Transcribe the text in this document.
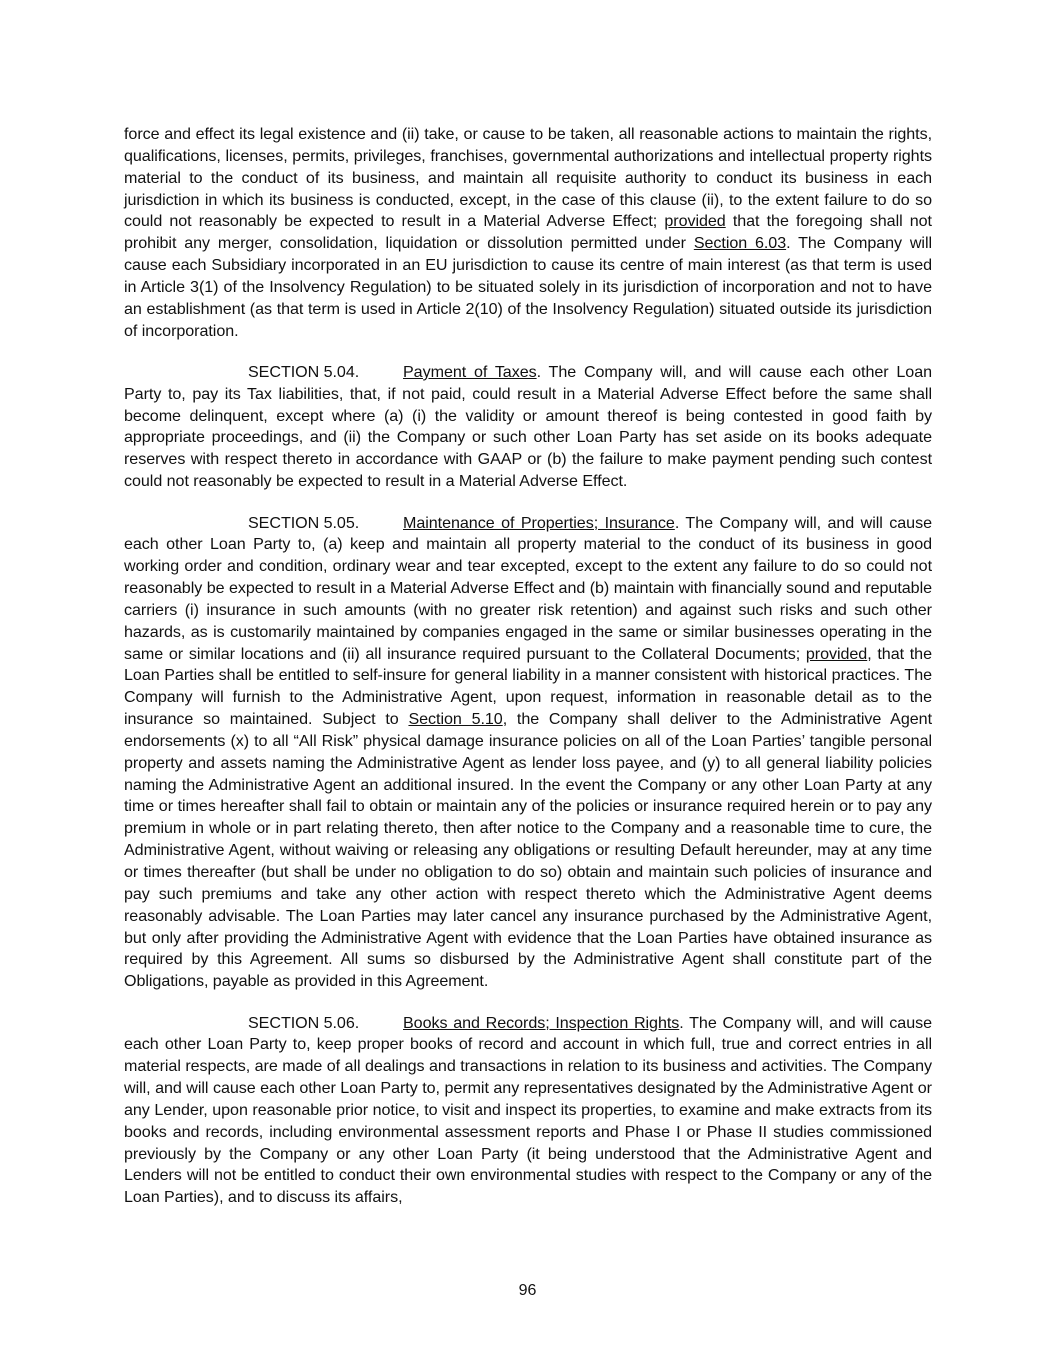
force and effect its legal existence and (ii) take, or cause to be taken, all reasonable actions to maintain the rights, qualifications, licenses, permits, privileges, franchises, governmental authorizations and intellectual property rights material to the conduct of its business, and maintain all requisite authority to conduct its business in each jurisdiction in which its business is conducted, except, in the case of this clause (ii), to the extent failure to do so could not reasonably be expected to result in a Material Adverse Effect; provided that the foregoing shall not prohibit any merger, consolidation, liquidation or dissolution permitted under Section 6.03. The Company will cause each Subsidiary incorporated in an EU jurisdiction to cause its centre of main interest (as that term is used in Article 3(1) of the Insolvency Regulation) to be situated solely in its jurisdiction of incorporation and not to have an establishment (as that term is used in Article 2(10) of the Insolvency Regulation) situated outside its jurisdiction of incorporation.

SECTION 5.04.	Payment of Taxes. The Company will, and will cause each other Loan Party to, pay its Tax liabilities, that, if not paid, could result in a Material Adverse Effect before the same shall become delinquent, except where (a) (i) the validity or amount thereof is being contested in good faith by appropriate proceedings, and (ii) the Company or such other Loan Party has set aside on its books adequate reserves with respect thereto in accordance with GAAP or (b) the failure to make payment pending such contest could not reasonably be expected to result in a Material Adverse Effect.

SECTION 5.05.	Maintenance of Properties; Insurance. The Company will, and will cause each other Loan Party to, (a) keep and maintain all property material to the conduct of its business in good working order and condition, ordinary wear and tear excepted, except to the extent any failure to do so could not reasonably be expected to result in a Material Adverse Effect and (b) maintain with financially sound and reputable carriers (i) insurance in such amounts (with no greater risk retention) and against such risks and such other hazards, as is customarily maintained by companies engaged in the same or similar businesses operating in the same or similar locations and (ii) all insurance required pursuant to the Collateral Documents; provided, that the Loan Parties shall be entitled to self-insure for general liability in a manner consistent with historical practices. The Company will furnish to the Administrative Agent, upon request, information in reasonable detail as to the insurance so maintained. Subject to Section 5.10, the Company shall deliver to the Administrative Agent endorsements (x) to all “All Risk” physical damage insurance policies on all of the Loan Parties’ tangible personal property and assets naming the Administrative Agent as lender loss payee, and (y) to all general liability policies naming the Administrative Agent an additional insured. In the event the Company or any other Loan Party at any time or times hereafter shall fail to obtain or maintain any of the policies or insurance required herein or to pay any premium in whole or in part relating thereto, then after notice to the Company and a reasonable time to cure, the Administrative Agent, without waiving or releasing any obligations or resulting Default hereunder, may at any time or times thereafter (but shall be under no obligation to do so) obtain and maintain such policies of insurance and pay such premiums and take any other action with respect thereto which the Administrative Agent deems reasonably advisable. The Loan Parties may later cancel any insurance purchased by the Administrative Agent, but only after providing the Administrative Agent with evidence that the Loan Parties have obtained insurance as required by this Agreement. All sums so disbursed by the Administrative Agent shall constitute part of the Obligations, payable as provided in this Agreement.

SECTION 5.06.	Books and Records; Inspection Rights. The Company will, and will cause each other Loan Party to, keep proper books of record and account in which full, true and correct entries in all material respects, are made of all dealings and transactions in relation to its business and activities. The Company will, and will cause each other Loan Party to, permit any representatives designated by the Administrative Agent or any Lender, upon reasonable prior notice, to visit and inspect its properties, to examine and make extracts from its books and records, including environmental assessment reports and Phase I or Phase II studies commissioned previously by the Company or any other Loan Party (it being understood that the Administrative Agent and Lenders will not be entitled to conduct their own environmental studies with respect to the Company or any of the Loan Parties), and to discuss its affairs,

96
